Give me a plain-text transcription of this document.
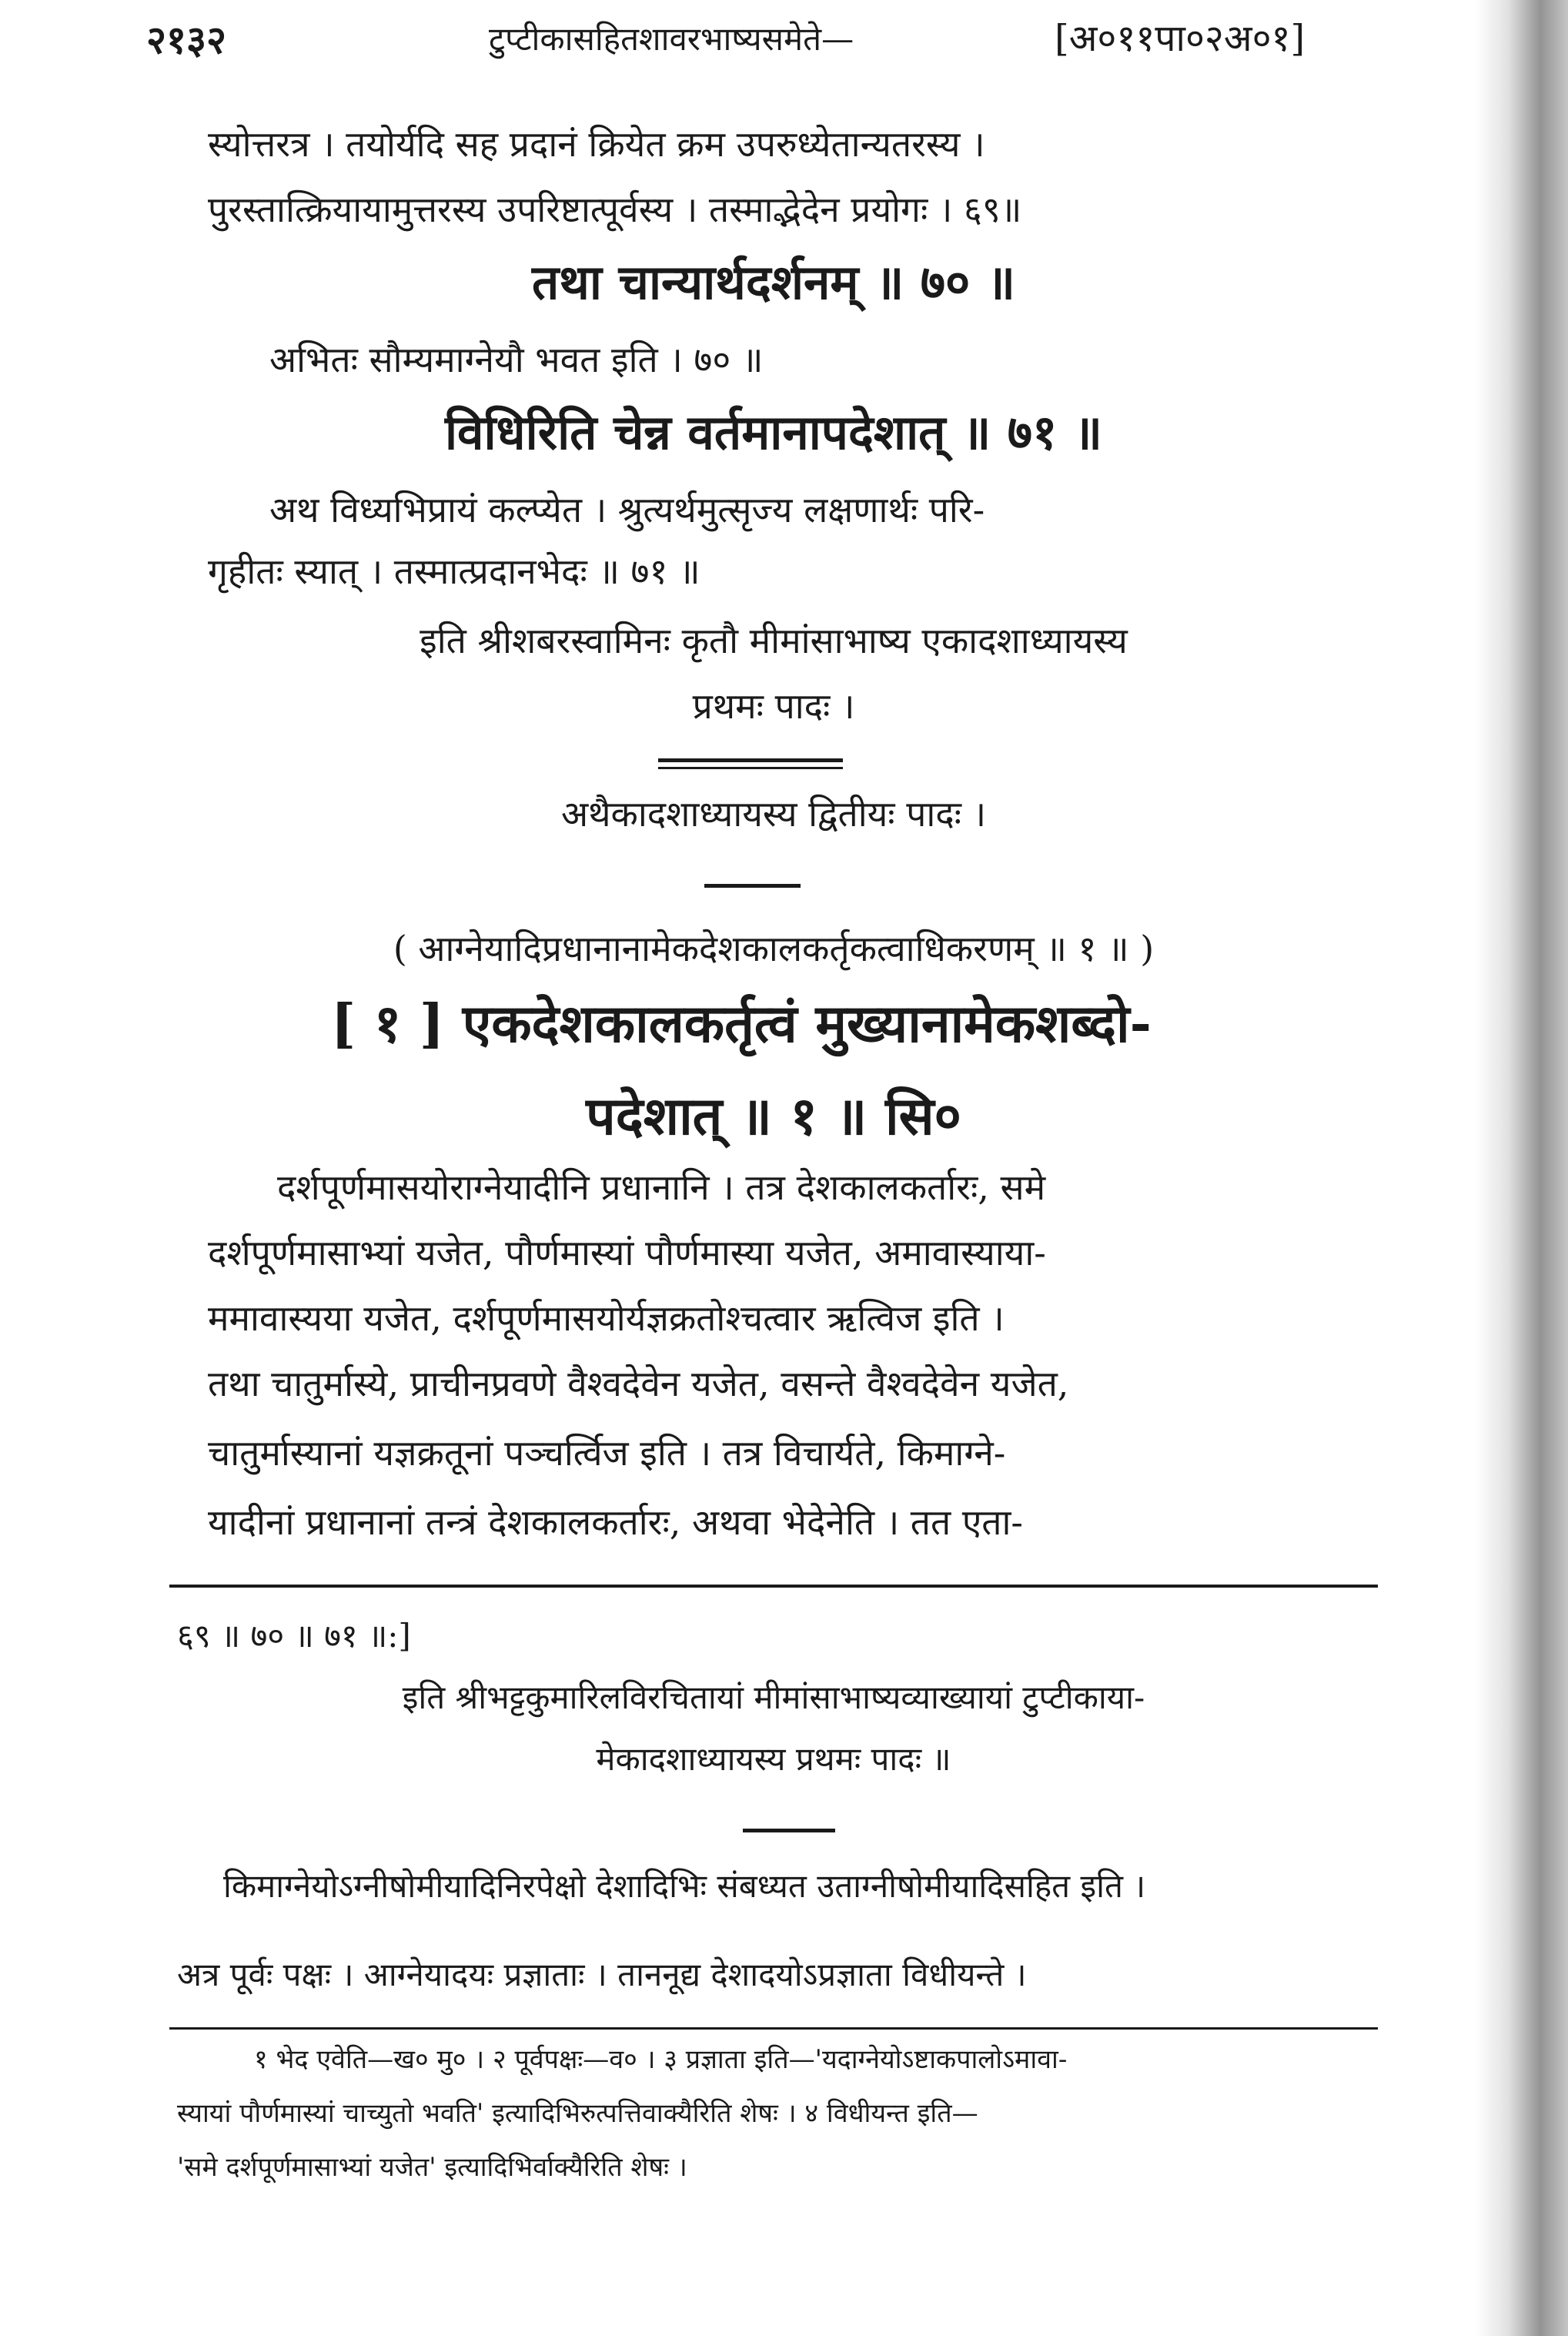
२१३२	टुप्टीकासहितशावरभाष्यसमेते—	[अ०११पा०२अ०१]
स्योत्तरत्र । तयोर्यदि सह प्रदानं क्रियेत क्रम उपरुध्येतान्यतरस्य ।
पुरस्तात्क्रियायामुत्तरस्य उपरिष्टात्पूर्वस्य । तस्माद्भेदेन प्रयोगः । ६९॥
तथा चान्यार्थदर्शनम् ॥ ७० ॥
अभितः सौम्यमाग्नेयौ भवत इति । ७० ॥
विधिरिति चेन्न वर्तमानापदेशात् ॥ ७१ ॥
अथ विध्यभिप्रायं कल्प्येत । श्रुत्यर्थमुत्सृज्य लक्षणार्थः परि-
गृहीतः स्यात् । तस्मात्प्रदानभेदः ॥ ७१ ॥
इति श्रीशबरस्वामिनः कृतौ मीमांसाभाष्य एकादशाध्यायस्य
प्रथमः पादः ।
अथैकादशाध्यायस्य द्वितीयः पादः ।
( आग्नेयादिप्रधानानामेकदेशकालकर्तृकत्वाधिकरणम् ॥ १ ॥ )
[ १ ] एकदेशकालकर्तृत्वं मुख्यानामेकशब्दो-
पदेशात् ॥ १ ॥ सि०
दर्शपूर्णमासयोराग्नेयादीनि प्रधानानि । तत्र देशकालकर्तारः, समे
दर्शपूर्णमासाभ्यां यजेत, पौर्णमास्यां पौर्णमास्या यजेत, अमावास्याया-
ममावास्यया यजेत, दर्शपूर्णमासयोर्यज्ञक्रतोश्चत्वार ऋत्विज इति ।
तथा चातुर्मास्ये, प्राचीनप्रवणे वैश्वदेवेन यजेत, वसन्ते वैश्वदेवेन यजेत,
चातुर्मास्यानां यज्ञक्रतूनां पञ्चर्त्विज इति । तत्र विचार्यते, किमाग्ने-
यादीनां प्रधानानां तन्त्रं देशकालकर्तारः, अथवा भेदेनेति । तत एता-
६९ ॥ ७० ॥ ७१ ॥:]
इति श्रीभट्टकुमारिलविरचितायां मीमांसाभाष्यव्याख्यायां टुप्टीकाया-
मेकादशाध्यायस्य प्रथमः पादः ॥
किमाग्नेयोऽग्नीषोमीयादिनिरपेक्षो देशादिभिः संबध्यत उताग्नीषोमीयादिसहित इति ।
अत्र पूर्वः पक्षः । आग्नेयादयः प्रज्ञाताः । ताननूद्य देशादयोऽप्रज्ञाता विधीयन्ते ।
१ भेद एवेति—ख० मु० । २ पूर्वपक्षः—व० । ३ प्रज्ञाता इति—'यदाग्नेयोऽष्टाकपालोऽमावा-
स्यायां पौर्णमास्यां चाच्युतो भवति' इत्यादिभिरुत्पत्तिवाक्यैरिति शेषः । ४ विधीयन्त इति—
'समे दर्शपूर्णमासाभ्यां यजेत' इत्यादिभिर्वाक्यैरिति शेषः ।
